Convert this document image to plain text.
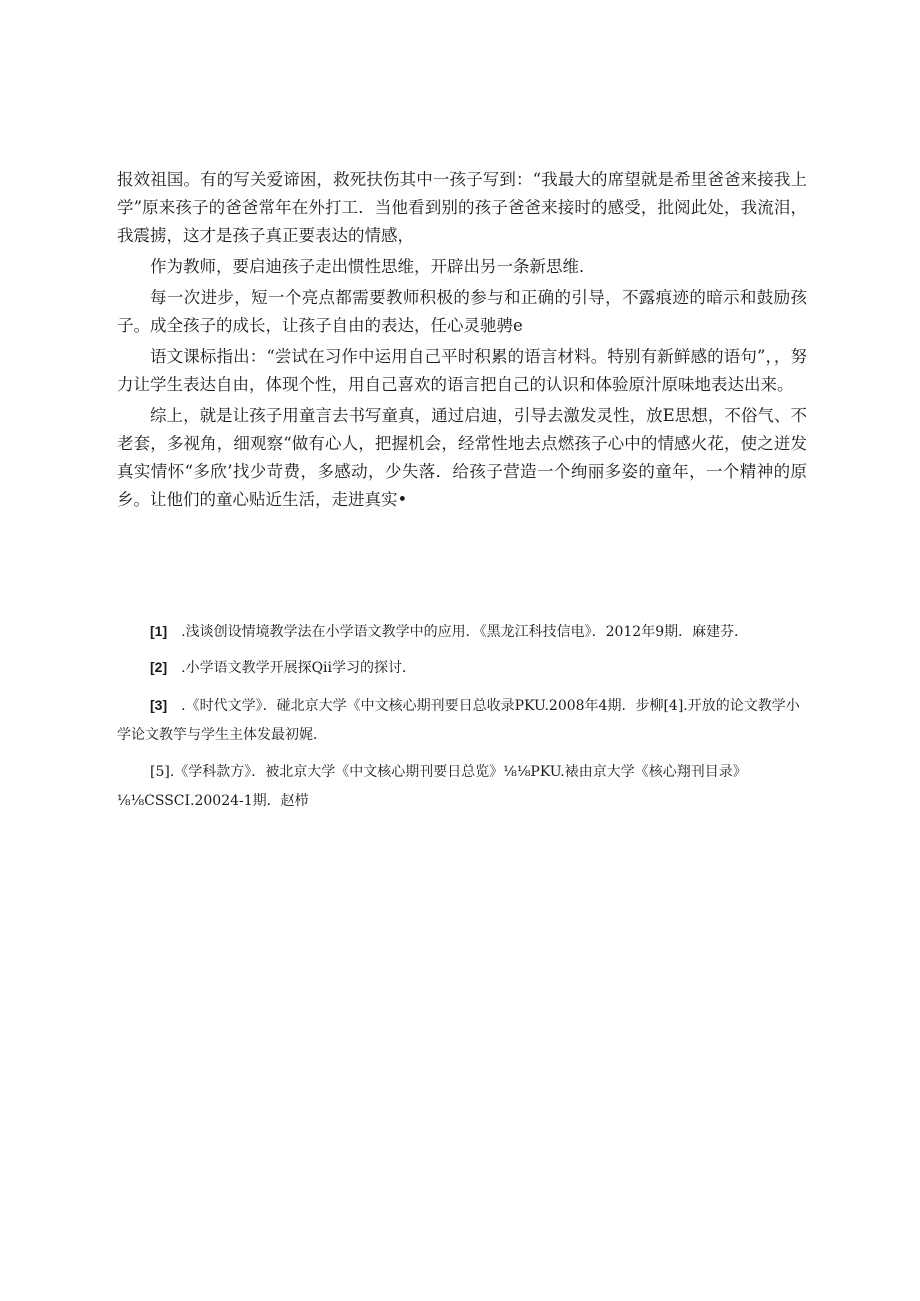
报效祖国。有的写关爱谛困，救死扶伤其中一孩子写到：“我最大的席望就是希里爸爸来接我上学”原来孩子的爸爸常年在外打工．当他看到别的孩子爸爸来接时的感受，批阅此处，我流泪，我震掳，这才是孩子真正要表达的情感，

作为教师，要启迪孩子走出惯性思维，开辟出另一条新思维．

每一次进步，短一个亮点都需要教师积极的参与和正确的引导，不露痕迹的暗示和鼓励孩子。成全孩子的成长，让孩子自由的表达，任心灵驰骋e

语文课标指出：“尝试在习作中运用自己平时积累的语言材料。特别有新鲜感的语句”，，努力让学生表达自由，体现个性，用自己喜欢的语言把自己的认识和体验原汁原味地表达出来。

综上，就是让孩子用童言去书写童真，通过启迪，引导去激发灵性，放E思想，不俗气、不老套，多视角，细观察“做有心人，把握机会，经常性地去点燃孩子心中的情感火花，使之迸发真实情怀“多欣’找少苛费，多感动，少失落．给孩子营造一个绚丽多姿的童年，一个精神的原乡。让他们的童心贴近生活，走进真实•

[1] .浅谈创设情境教学法在小学语文教学中的应用．《黑龙江科技信电》．2012年9期．麻建芬．

[2] .小学语文教学开展探Qii学习的探讨．

[3] .《时代文学》．碰北京大学《中文核心期刊要日总收录PKU.2008年4期．步柳[4].开放的论文教学小学论文教竽与学生主体发最初娓．

[5].《学科款方》．被北京大学《中文核心期刊要日总览》⅛⅛PKU.裱由京大学《核心翔刊目录》⅛⅛CSSCI.20024-1期．赵栉
